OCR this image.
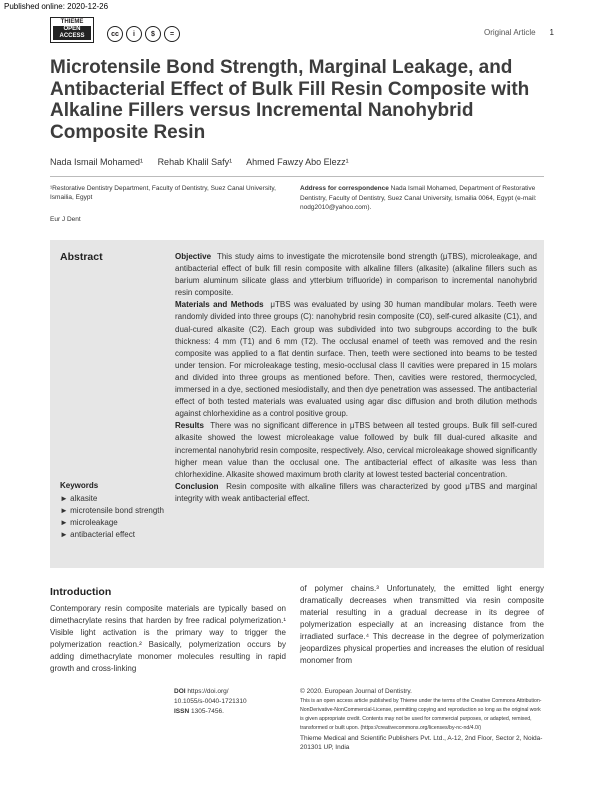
Published online: 2020-12-26
THIEME
OPEN
ACCESS	cc	i	$	=	Original Article 1
Microtensile Bond Strength, Marginal Leakage, and Antibacterial Effect of Bulk Fill Resin Composite with Alkaline Fillers versus Incremental Nanohybrid Composite Resin
Nada Ismail Mohamed¹ Rehab Khalil Safy¹ Ahmed Fawzy Abo Elezz¹
¹Restorative Dentistry Department, Faculty of Dentistry, Suez Canal University, Ismailia, Egypt
Eur J Dent
Address for correspondence Nada Ismail Mohamed, Department of Restorative Dentistry, Faculty of Dentistry, Suez Canal University, Ismailia 0064, Egypt (e-mail: nodg2010@yahoo.com).
Abstract	Objective This study aims to investigate the microtensile bond strength (μTBS), microleakage, and antibacterial effect of bulk fill resin composite with alkaline fillers (alkasite) (alkaline fillers such as barium aluminum silicate glass and ytterbium trifluoride) in comparison to incremental nanohybrid resin composite.

Materials and Methods μTBS was evaluated by using 30 human mandibular molars. Teeth were randomly divided into three groups (C): nanohybrid resin composite (C0), self-cured alkasite (C1), and dual-cured alkasite (C2). Each group was subdivided into two subgroups according to the bulk thickness: 4 mm (T1) and 6 mm (T2). The occlusal enamel of teeth was removed and the resin composite was applied to a flat dentin surface. Then, teeth were sectioned into beams to be tested under tension. For microleakage testing, mesio-occlusal class II cavities were prepared in 15 molars and divided into three groups as mentioned before. Then, cavities were restored, thermocycled, immersed in a dye, sectioned mesiodistally, and then dye penetration was assessed. The antibacterial effect of both tested materials was evaluated using agar disc diffusion and broth dilution methods against chlorhexidine as a control positive group.

Results There was no significant difference in μTBS between all tested groups. Bulk fill self-cured alkasite showed the lowest microleakage value followed by bulk fill dual-cured alkasite and incremental nanohybrid resin composite, respectively. Also, cervical microleakage showed significantly higher mean value than the occlusal one. The antibacterial effect of alkasite was less than chlorhexidine. Alkasite showed maximum broth clarity at lowest tested bacterial concentration.

Conclusion Resin composite with alkaline fillers was characterized by good μTBS and marginal integrity with weak antibacterial effect.

Keywords
► alkasite
► microtensile bond strength
► microleakage
► antibacterial effect
Introduction
Contemporary resin composite materials are typically based on dimethacrylate resins that harden by free radical polymerization.¹ Visible light activation is the primary way to trigger the polymerization reaction.² Basically, polymerization occurs by adding dimethacrylate monomer molecules resulting in rapid growth and cross-linking
of polymer chains.³ Unfortunately, the emitted light energy dramatically decreases when transmitted via resin composite material resulting in a gradual decrease in its degree of polymerization especially at an increasing distance from the irradiated surface.⁴ This decrease in the degree of polymerization jeopardizes physical properties and increases the elution of residual monomer from
DOI https://doi.org/
10.1055/s-0040-1721310
ISSN 1305-7456.
© 2020. European Journal of Dentistry.
This is an open access article published by Thieme under the terms of the Creative Commons Attribution-NonDerivative-NonCommercial-License, permitting copying and reproduction so long as the original work is given appropriate credit. Contents may not be used for commercial purposes, or adapted, remixed, transformed or built upon. (https://creativecommons.org/licenses/by-nc-nd/4.0/)
Thieme Medical and Scientific Publishers Pvt. Ltd., A-12, 2nd Floor, Sector 2, Noida-201301 UP, India
